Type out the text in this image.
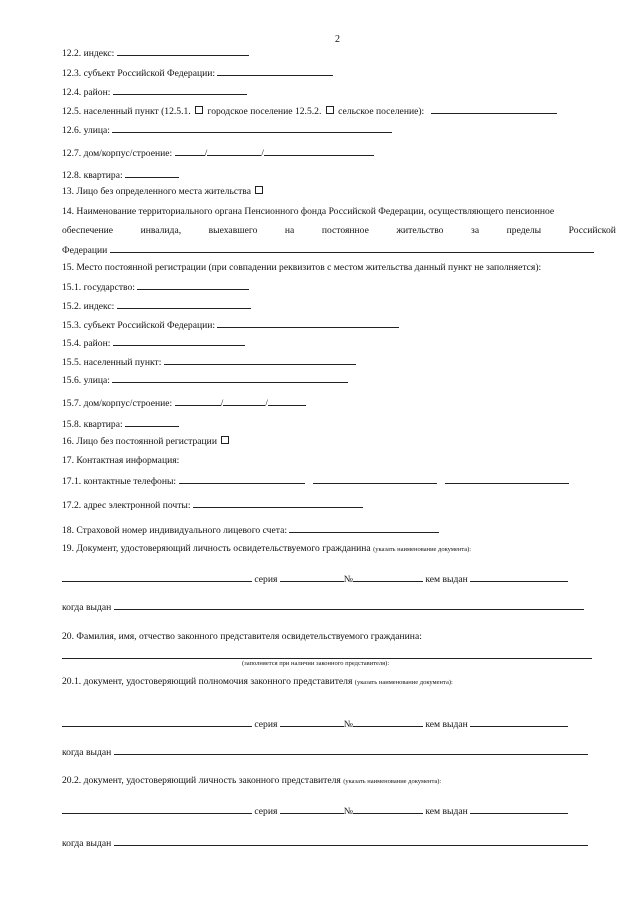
2
12.2. индекс:
12.3. субъект Российской Федерации:
12.4. район:
12.5. населенный пункт (12.5.1. городское поселение 12.5.2. сельское поселение):
12.6. улица:
12.7. дом/корпус/строение:	/	/
12.8. квартира:
13. Лицо без определенного места жительства
14. Наименование территориального органа Пенсионного фонда Российской Федерации, осуществляющего пенсионное
обеспечение	инвалида,	выехавшего	на	постоянное	жительство	за	пределы	Российской
Федерации
15. Место постоянной регистрации (при совпадении реквизитов с местом жительства данный пункт не заполняется):
15.1. государство:
15.2. индекс:
15.3. субъект Российской Федерации:
15.4. район:
15.5. населенный пункт:
15.6. улица:
15.7. дом/корпус/строение:	/	/
15.8. квартира:
16. Лицо без постоянной регистрации
17. Контактная информация:
17.1. контактные телефоны:
17.2. адрес электронной почты:
18. Страховой номер индивидуального лицевого счета:
19. Документ, удостоверяющий личность освидетельствуемого гражданина (указать наименование документа):
серия	№	кем выдан
когда выдан
20. Фамилия, имя, отчество законного представителя освидетельствуемого гражданина:
(заполняется при наличии законного представителя):
20.1. документ, удостоверяющий полномочия законного представителя (указать наименование документа):
серия	№	кем выдан
когда выдан
20.2. документ, удостоверяющий личность законного представителя (указать наименование документа):
серия	№	кем выдан
когда выдан
